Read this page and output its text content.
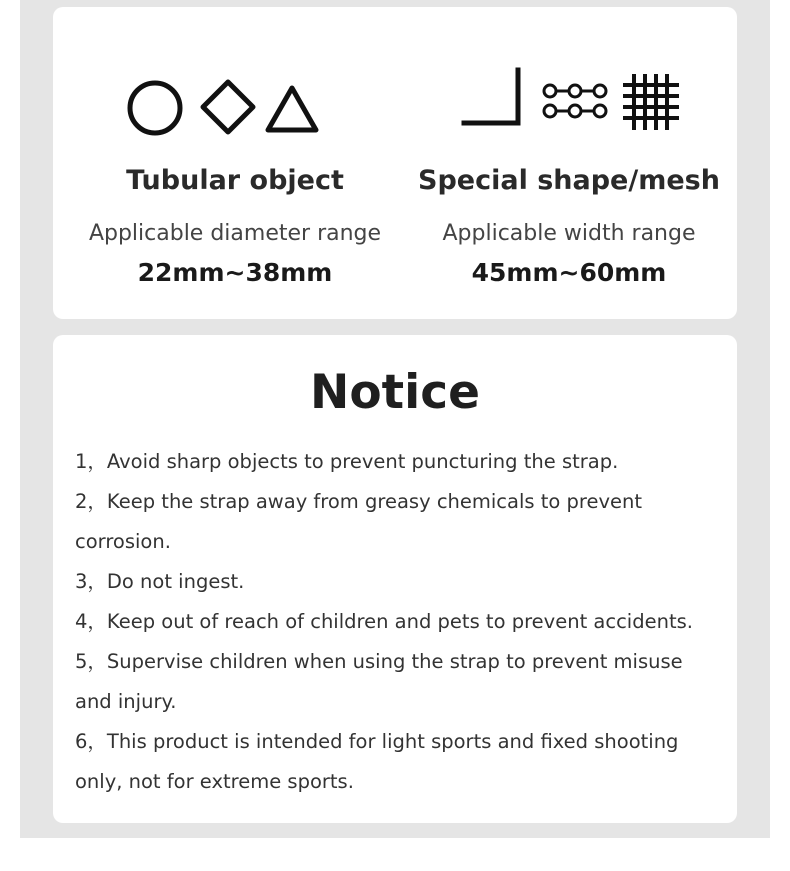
Tubular object
Applicable diameter range
22mm~38mm
Special shape/mesh
Applicable width range
45mm~60mm
Notice
1，Avoid sharp objects to prevent puncturing the strap.
2，Keep the strap away from greasy chemicals to prevent corrosion.
3，Do not ingest.
4，Keep out of reach of children and pets to prevent accidents.
5，Supervise children when using the strap to prevent misuse and injury.
6，This product is intended for light sports and fixed shooting only, not for extreme sports.
